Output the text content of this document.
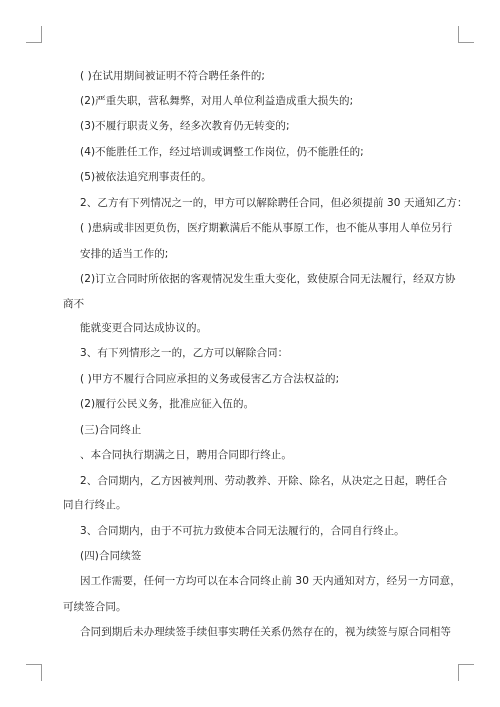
( )在试用期间被证明不符合聘任条件的;
(2)严重失职，营私舞弊，对用人单位利益造成重大损失的;
(3)不履行职责义务，经多次教育仍无转变的;
(4)不能胜任工作，经过培训或调整工作岗位，仍不能胜任的;
(5)被依法追究刑事责任的。
2、乙方有下列情况之一的，甲方可以解除聘任合同，但必须提前 30 天通知乙方：
( )患病或非因更负伤，医疗期歉满后不能从事原工作，也不能从事用人单位另行
安排的适当工作的;
(2)订立合同时所依据的客观情况发生重大变化，致使原合同无法履行，经双方协
商不
能就变更合同达成协议的。
3、有下列情形之一的，乙方可以解除合同：
( )甲方不履行合同应承担的义务或侵害乙方合法权益的;
(2)履行公民义务，批准应征入伍的。
(三)合同终止
、本合同执行期满之日，聘用合同即行终止。
2、合同期内，乙方因被判刑、劳动教养、开除、除名，从决定之日起，聘任合
同自行终止。
3、合同期内，由于不可抗力致使本合同无法履行的，合同自行终止。
(四)合同续签
因工作需要，任何一方均可以在本合同终止前 30 天内通知对方，经另一方同意，
可续签合同。
合同到期后未办理续签手续但事实聘任关系仍然存在的，视为续签与原合同相等
